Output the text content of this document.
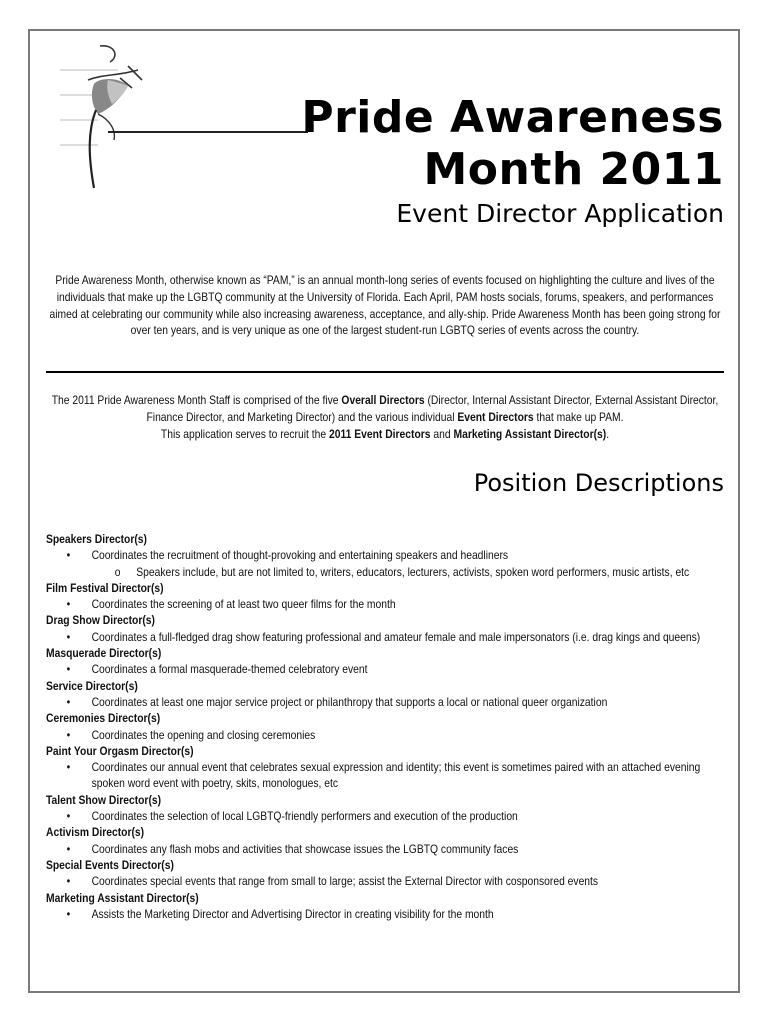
Pride Awareness
Month 2011
Event Director Application
Pride Awareness Month, otherwise known as “PAM,” is an annual month-long series of events focused on highlighting the culture and lives of the individuals that make up the LGBTQ community at the University of Florida. Each April, PAM hosts socials, forums, speakers, and performances aimed at celebrating our community while also increasing awareness, acceptance, and ally-ship. Pride Awareness Month has been going strong for over ten years, and is very unique as one of the largest student-run LGBTQ series of events across the country.
The 2011 Pride Awareness Month Staff is comprised of the five Overall Directors (Director, Internal Assistant Director, External Assistant Director, Finance Director, and Marketing Director) and the various individual Event Directors that make up PAM.
This application serves to recruit the 2011 Event Directors and Marketing Assistant Director(s).
Position Descriptions
Speakers Director(s)
• Coordinates the recruitment of thought-provoking and entertaining speakers and headliners
o Speakers include, but are not limited to, writers, educators, lecturers, activists, spoken word performers, music artists, etc
Film Festival Director(s)
• Coordinates the screening of at least two queer films for the month
Drag Show Director(s)
• Coordinates a full-fledged drag show featuring professional and amateur female and male impersonators (i.e. drag kings and queens)
Masquerade Director(s)
• Coordinates a formal masquerade-themed celebratory event
Service Director(s)
• Coordinates at least one major service project or philanthropy that supports a local or national queer organization
Ceremonies Director(s)
• Coordinates the opening and closing ceremonies
Paint Your Orgasm Director(s)
• Coordinates our annual event that celebrates sexual expression and identity; this event is sometimes paired with an attached evening spoken word event with poetry, skits, monologues, etc
Talent Show Director(s)
• Coordinates the selection of local LGBTQ-friendly performers and execution of the production
Activism Director(s)
• Coordinates any flash mobs and activities that showcase issues the LGBTQ community faces
Special Events Director(s)
• Coordinates special events that range from small to large; assist the External Director with cosponsored events
Marketing Assistant Director(s)
• Assists the Marketing Director and Advertising Director in creating visibility for the month
